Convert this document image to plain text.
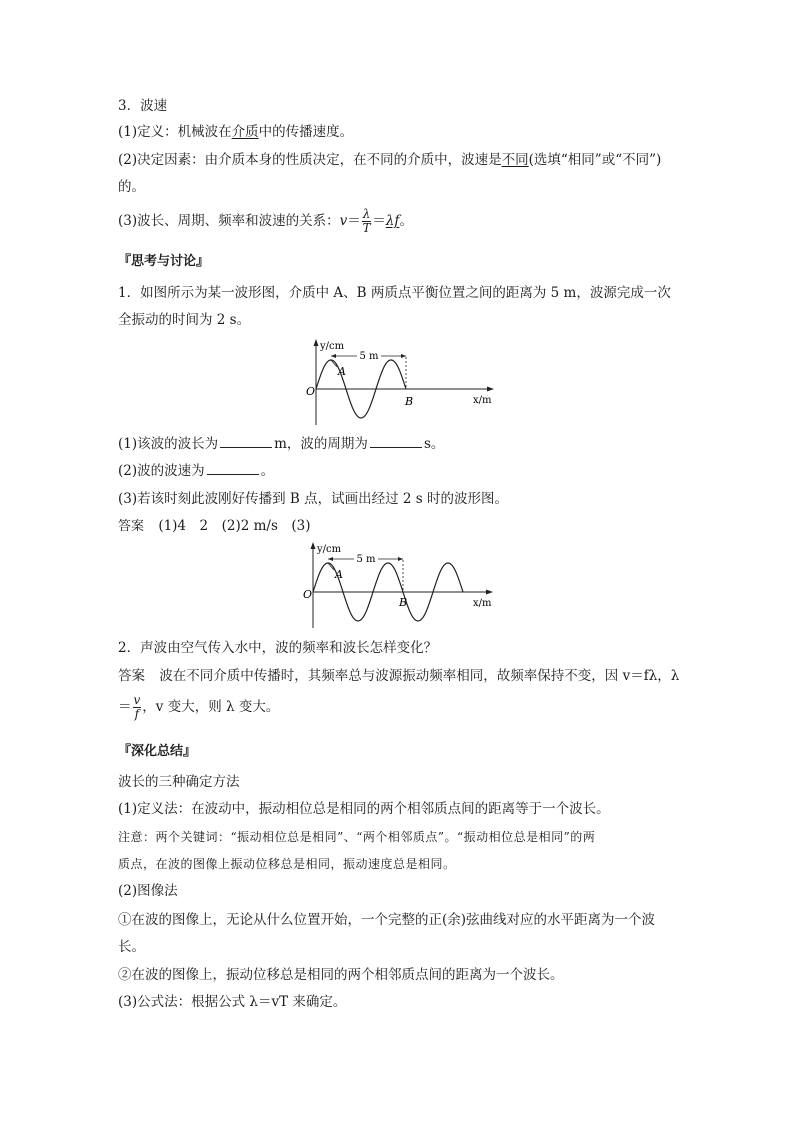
3．波速
(1)定义：机械波在介质中的传播速度。
(2)决定因素：由介质本身的性质决定，在不同的介质中，波速是不同(选填“相同”或“不同”)
的。
(3)波长、周期、频率和波速的关系：$v= \frac{\lambda}{T} =\lambda f$。
『思考与讨论』
1．如图所示为某一波形图，介质中 A、B 两质点平衡位置之间的距离为 5 m，波源完成一次
全振动的时间为 2 s。
5 m
A
B
O
y/cm
x/m
(1)该波的波长为	m，波的周期为	s。
(2)波的波速为	。
(3)若该时刻此波刚好传播到 B 点，试画出经过 2 s 时的波形图。
答案 (1)4　2　(2)2 m/s　(3)
5 m
A
B
O
y/cm
x/m
2．声波由空气传入水中，波的频率和波长怎样变化？
答案 波在不同介质中传播时，其频率总与波源振动频率相同，故频率保持不变，因 v＝fλ，λ
＝ $\frac{v}{f}$ ，v 变大，则 λ 变大。
『深化总结』
波长的三种确定方法
(1)定义法：在波动中，振动相位总是相同的两个相邻质点间的距离等于一个波长。
注意：两个关键词：“振动相位总是相同”、“两个相邻质点”。“振动相位总是相同”的两
质点，在波的图像上振动位移总是相同，振动速度总是相同。
(2)图像法
①在波的图像上，无论从什么位置开始，一个完整的正(余)弦曲线对应的水平距离为一个波
长。
②在波的图像上，振动位移总是相同的两个相邻质点间的距离为一个波长。
(3)公式法：根据公式 λ＝vT 来确定。
